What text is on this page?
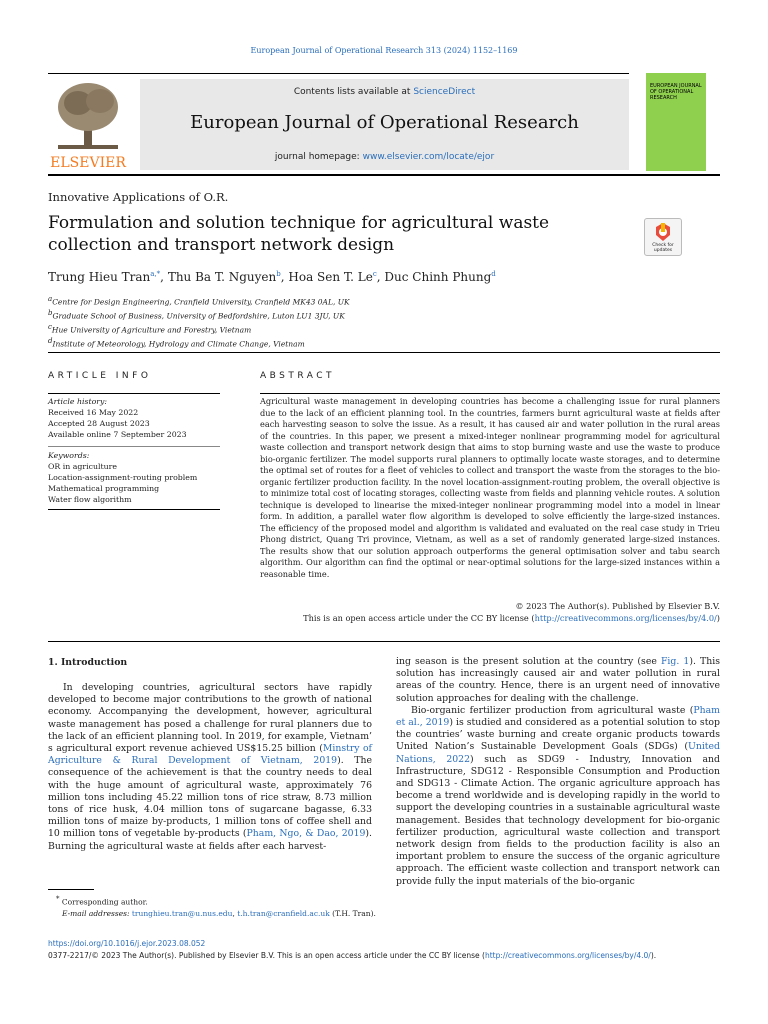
European Journal of Operational Research 313 (2024) 1152–1169
ELSEVIER
Contents lists available at ScienceDirect
European Journal of Operational Research
journal homepage: www.elsevier.com/locate/ejor
EUROPEAN JOURNAL OF OPERATIONAL RESEARCH
Innovative Applications of O.R.
Formulation and solution technique for agricultural waste collection and transport network design	Check for updates
Trung Hieu Tran$^{a,*}$, Thu Ba T. Nguyen$^b$, Hoa Sen T. Le$^c$, Duc Chinh Phung$^d$
$^a$Centre for Design Engineering, Cranfield University, Cranfield MK43 0AL, UK
$^b$Graduate School of Business, University of Bedfordshire, Luton LU1 3JU, UK
$^c$Hue University of Agriculture and Forestry, Vietnam
$^d$Institute of Meteorology, Hydrology and Climate Change, Vietnam
ARTICLE INFO	ABSTRACT
Article history:
Received 16 May 2022
Accepted 28 August 2023
Available online 7 September 2023
Keywords:
OR in agriculture
Location-assignment-routing problem
Mathematical programming
Water flow algorithm
Agricultural waste management in developing countries has become a challenging issue for rural planners due to the lack of an efficient planning tool. In the countries, farmers burnt agricultural waste at fields after each harvesting season to solve the issue. As a result, it has caused air and water pollution in the rural areas of the countries. In this paper, we present a mixed-integer nonlinear programming model for agricultural waste collection and transport network design that aims to stop burning waste and use the waste to produce bio-organic fertilizer. The model supports rural planners to optimally locate waste storages, and to determine the optimal set of routes for a fleet of vehicles to collect and transport the waste from the storages to the bio-organic fertilizer production facility. In the novel location-assignment-routing problem, the overall objective is to minimize total cost of locating storages, collecting waste from fields and planning vehicle routes. A solution technique is developed to linearise the mixed-integer nonlinear programming model into a model in linear form. In addition, a parallel water flow algorithm is developed to solve efficiently the large-sized instances. The efficiency of the proposed model and algorithm is validated and evaluated on the real case study in Trieu Phong district, Quang Tri province, Vietnam, as well as a set of randomly generated large-sized instances. The results show that our solution approach outperforms the general optimisation solver and tabu search algorithm. Our algorithm can find the optimal or near-optimal solutions for the large-sized instances within a reasonable time.
© 2023 The Author(s). Published by Elsevier B.V.
This is an open access article under the CC BY license (http://creativecommons.org/licenses/by/4.0/)
1. Introduction

In developing countries, agricultural sectors have rapidly developed to become major contributions to the growth of national economy. Accompanying the development, however, agricultural waste management has posed a challenge for rural planners due to the lack of an efficient planning tool. In 2019, for example, Vietnam’ s agricultural export revenue achieved US$15.25 billion (Minstry of Agriculture & Rural Development of Vietnam, 2019). The consequence of the achievement is that the country needs to deal with the huge amount of agricultural waste, approximately 76 million tons including 45.22 million tons of rice straw, 8.73 million tons of rice husk, 4.04 million tons of sugarcane bagasse, 6.33 million tons of maize by-products, 1 million tons of coffee shell and 10 million tons of vegetable by-products (Pham, Ngo, & Dao, 2019). Burning the agricultural waste at fields after each harvest-

ing season is the present solution at the country (see Fig. 1). This solution has increasingly caused air and water pollution in rural areas of the country. Hence, there is an urgent need of innovative solution approaches for dealing with the challenge.

Bio-organic fertilizer production from agricultural waste (Pham et al., 2019) is studied and considered as a potential solution to stop the countries’ waste burning and create organic products towards United Nation’s Sustainable Development Goals (SDGs) (United Nations, 2022) such as SDG9 - Industry, Innovation and Infrastructure, SDG12 - Responsible Consumption and Production and SDG13 - Climate Action. The organic agriculture approach has become a trend worldwide and is developing rapidly in the world to support the developing countries in a sustainable agricultural waste management. Besides that technology development for bio-organic fertilizer production, agricultural waste collection and transport network design from fields to the production facility is also an important problem to ensure the success of the organic agriculture approach. The efficient waste collection and transport network can provide fully the input materials of the bio-organic

* Corresponding author.
E-mail addresses: trunghieu.tran@u.nus.edu, t.h.tran@cranfield.ac.uk (T.H. Tran).
https://doi.org/10.1016/j.ejor.2023.08.052
0377-2217/© 2023 The Author(s). Published by Elsevier B.V. This is an open access article under the CC BY license (http://creativecommons.org/licenses/by/4.0/).
